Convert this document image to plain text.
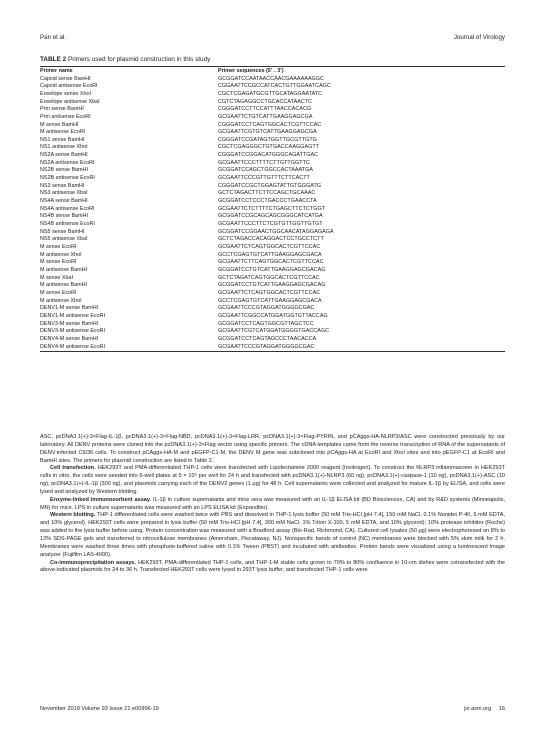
Pan et al.	Journal of Virology
TABLE 2 Primers used for plasmid construction in this study
Primer name	Primer sequences (5′→3′)
Capsid sense BamHI	GCGGATCCAATAACCAACGAAAAAAGGC
Capsid antisense EcoRI	CGGAATTCCGCCATCACTGTTGGAATCAGC
Envelope sense XhoI	CGCTCGAGATGCGTTGCATAGGAATATC
Envelope antisense XbaI	CGTCTAGAGGCCTGCACCATAACTC
Prm sense BamHI	CGGGATCCTTCCATTTAACCACACG
Prm antisense EcoRI	GCGAATTCTGTCATTGAAGGAGCGA
M sense BamHI	CGGGATCCTCAGTGGCACTCGTTCCAC
M antisense EcoRI	GCGAATTCGTGTCATTGAAGGAGCGA
NS1 sense BamHI	CGGGATCCGATAGTGGTTGCGTTGTG
NS1 antisense XhoI	CGCTCGAGGGCTGTGACCAAGGAGTT
NS2A sense BamHI	CGGGATCCGGACATGGGCAGATTGAC
NS2A antisense EcoRI	GCGAATTCCCTTTTCTTGTTGGTTC
NS2B sense BamHI	GCGGATCCAGCTGGCCACTAAATGA
NS2B antisense EcoRI	GCGAATTCCCGTTGTTTCTTCACTT
NS3 sense BamHI	CGGGATCCGCTGGAGTATTGTGGGATG
NS3 antisense XbaI	GCTCTAGACTTCTTCCAGCTGCAAAC
NS4A sense BamHI	GCGGATCCTCCCTGACCCTGAACCTA
NS4A antisense EcoRI	GCGAATTCTCTTTTCTGAGCTTCTCTGGT
NS4B sense BamHI	GCGGATCCGCAGCAGCGGGCATCATGA
NS4B antisense EcoRI	GCGAATTCCCTTCTCGTGTTGGTTGTGT
NS5 sense BamHI	GCGGATCCGGAACTGGCAACATAGGAGAGA
NS5 antisense XbaI	GCTCTAGACCACAGGACTCCTGCCTCTT
M sense EcoRI	GCGAATTCTCAGTGGCACTCGTTCCAC
M antisense XhoI	GCCTCGAGTGTCATTGAAGGAGCGACA
M sense EcoRI	GCGAATTCTTCAGTGGCACTCGTTCCAC
M antisense BamHI	GCGGATCCTGTCATTGAAGGAGCGACAG
M sense XbaI	GCTCTAGATCAGTGGCACTCGTTCCAC
M antisense BamHI	GCGGATCCTGTCATTGAAGGAGCGACAG
M sense EcoRI	GCGAATTCTCAGTGGCACTCGTTCCAC
M antisense XhoI	GCCTCGAGTGTCATTGAAGGAGCGACA
DENV1-M sense BamHI	GCGAATTCCCGTAGGATGGGGCGAC
DENV1-M antisense EcoRI	GCGAATTCGGCCATGGATGGTGTTACCAG
DENV3-M sense BamHI	GCGGATCCTCAGTGGCGTTAGCTCC
DENV3-M antisense EcoRI	GCGAATTCGTCATGGATGGGGTGACCAGC
DENV4-M sense BamHI	GCGGATCCTCAGTAGCCCTAACACCA
DENV4-M antisense EcoRI	GCGAATTCCCGTAGGATGGGGCGAC

ASC, pcDNA3.1(+)-3×Flag-IL-1β, pcDNA3.1(+)-3×Flag-NBD, pcDNA3.1(+)-3×Flag-LRR, pcDNA3.1(+)-3×Flag-PYRIN, and pCAggs-HA-NLRP3/ASC were constructed previously by our laboratory. All DENV proteins were cloned into the pcDNA3.1(+)-3×Flag vector using specific primers. The cDNA templates came from the reverse transcription of RNA of the supernatants of DENV-infected C6/36 cells. To construct pCAggs-HA-M and pEGFP-C1-M, the DENV M gene was subcloned into pCAggs-HA at EcoRI and XhoI sites and into pEGFP-C1 at EcoRI and BamHI sites. The primers for plasmid construction are listed in Table 2.

Cell transfection. HEK293T and PMA-differentiated THP-1 cells were transfected with Lipofectamine 2000 reagent (Invitrogen). To construct the NLRP3 inflammasome in HEK293T cells in vitro, the cells were seeded into 6-well plates at 5 × 10⁵ per well for 24 h and transfected with pcDNA3.1(+)-NLRP3 (60 ng), pcDNA3.1(+)-caspase-1 (10 ng), pcDNA3.1(+)-ASC (10 ng), pcDNA3.1(+)-IL-1β (300 ng), and plasmids carrying each of the DENV2 genes (1 μg) for 48 h. Cell supernatants were collected and analyzed for mature IL-1β by ELISA, and cells were lysed and analyzed by Western blotting.

Enzyme-linked immunosorbent assay. IL-1β in culture supernatants and mice sera was measured with an IL-1β ELISA kit (BD Biosciences, CA) and by R&D systems (Minneapolis, MN) for mice. LPS in culture supernatants was measured with an LPS ELISA kit (Expandbio).

Western blotting. THP-1 differentiated cells were washed twice with PBS and dissolved in THP-1 lysis buffer (50 mM Tris-HCl [pH 7.4], 150 mM NaCl, 0.1% Nonidet P-40, 5 mM EDTA, and 10% glycerol). HEK293T cells were prepared in lysis buffer (50 mM Tris-HCl [pH 7.4], 300 mM NaCl, 1% Triton X-100, 5 mM EDTA, and 10% glycerol); 10% protease inhibitor (Roche) was added to the lysis buffer before using. Protein concentration was measured with a Bradford assay (Bio-Rad, Richmond, CA). Cultured cell lysates (50 μg) were electrophoresed on 8% to 12% SDS-PAGE gels and transferred to nitrocellulose membranes (Amersham, Piscataway, NJ). Nonspecific bands of control (NC) membranes were blocked with 5% skim milk for 2 h. Membranes were washed three times with phosphate-buffered saline with 0.1% Tween (PBST) and incubated with antibodies. Protein bands were visualized using a luminescent image analyzer (Fujifilm LAS-4000).

Co-immunoprecipitation assays. HEK293T, PMA-differentiated THP-1 cells, and THP-1-M stable cells grown to 70% to 80% confluence in 10-cm dishes were cotransfected with the above-indicated plasmids for 24 to 36 h. Transfected HEK293T cells were lysed in 293T lysis buffer, and transfected THP-1 cells were

November 2019 Volume 93 Issue 21 e00996-19	jvi.asm.org 16
